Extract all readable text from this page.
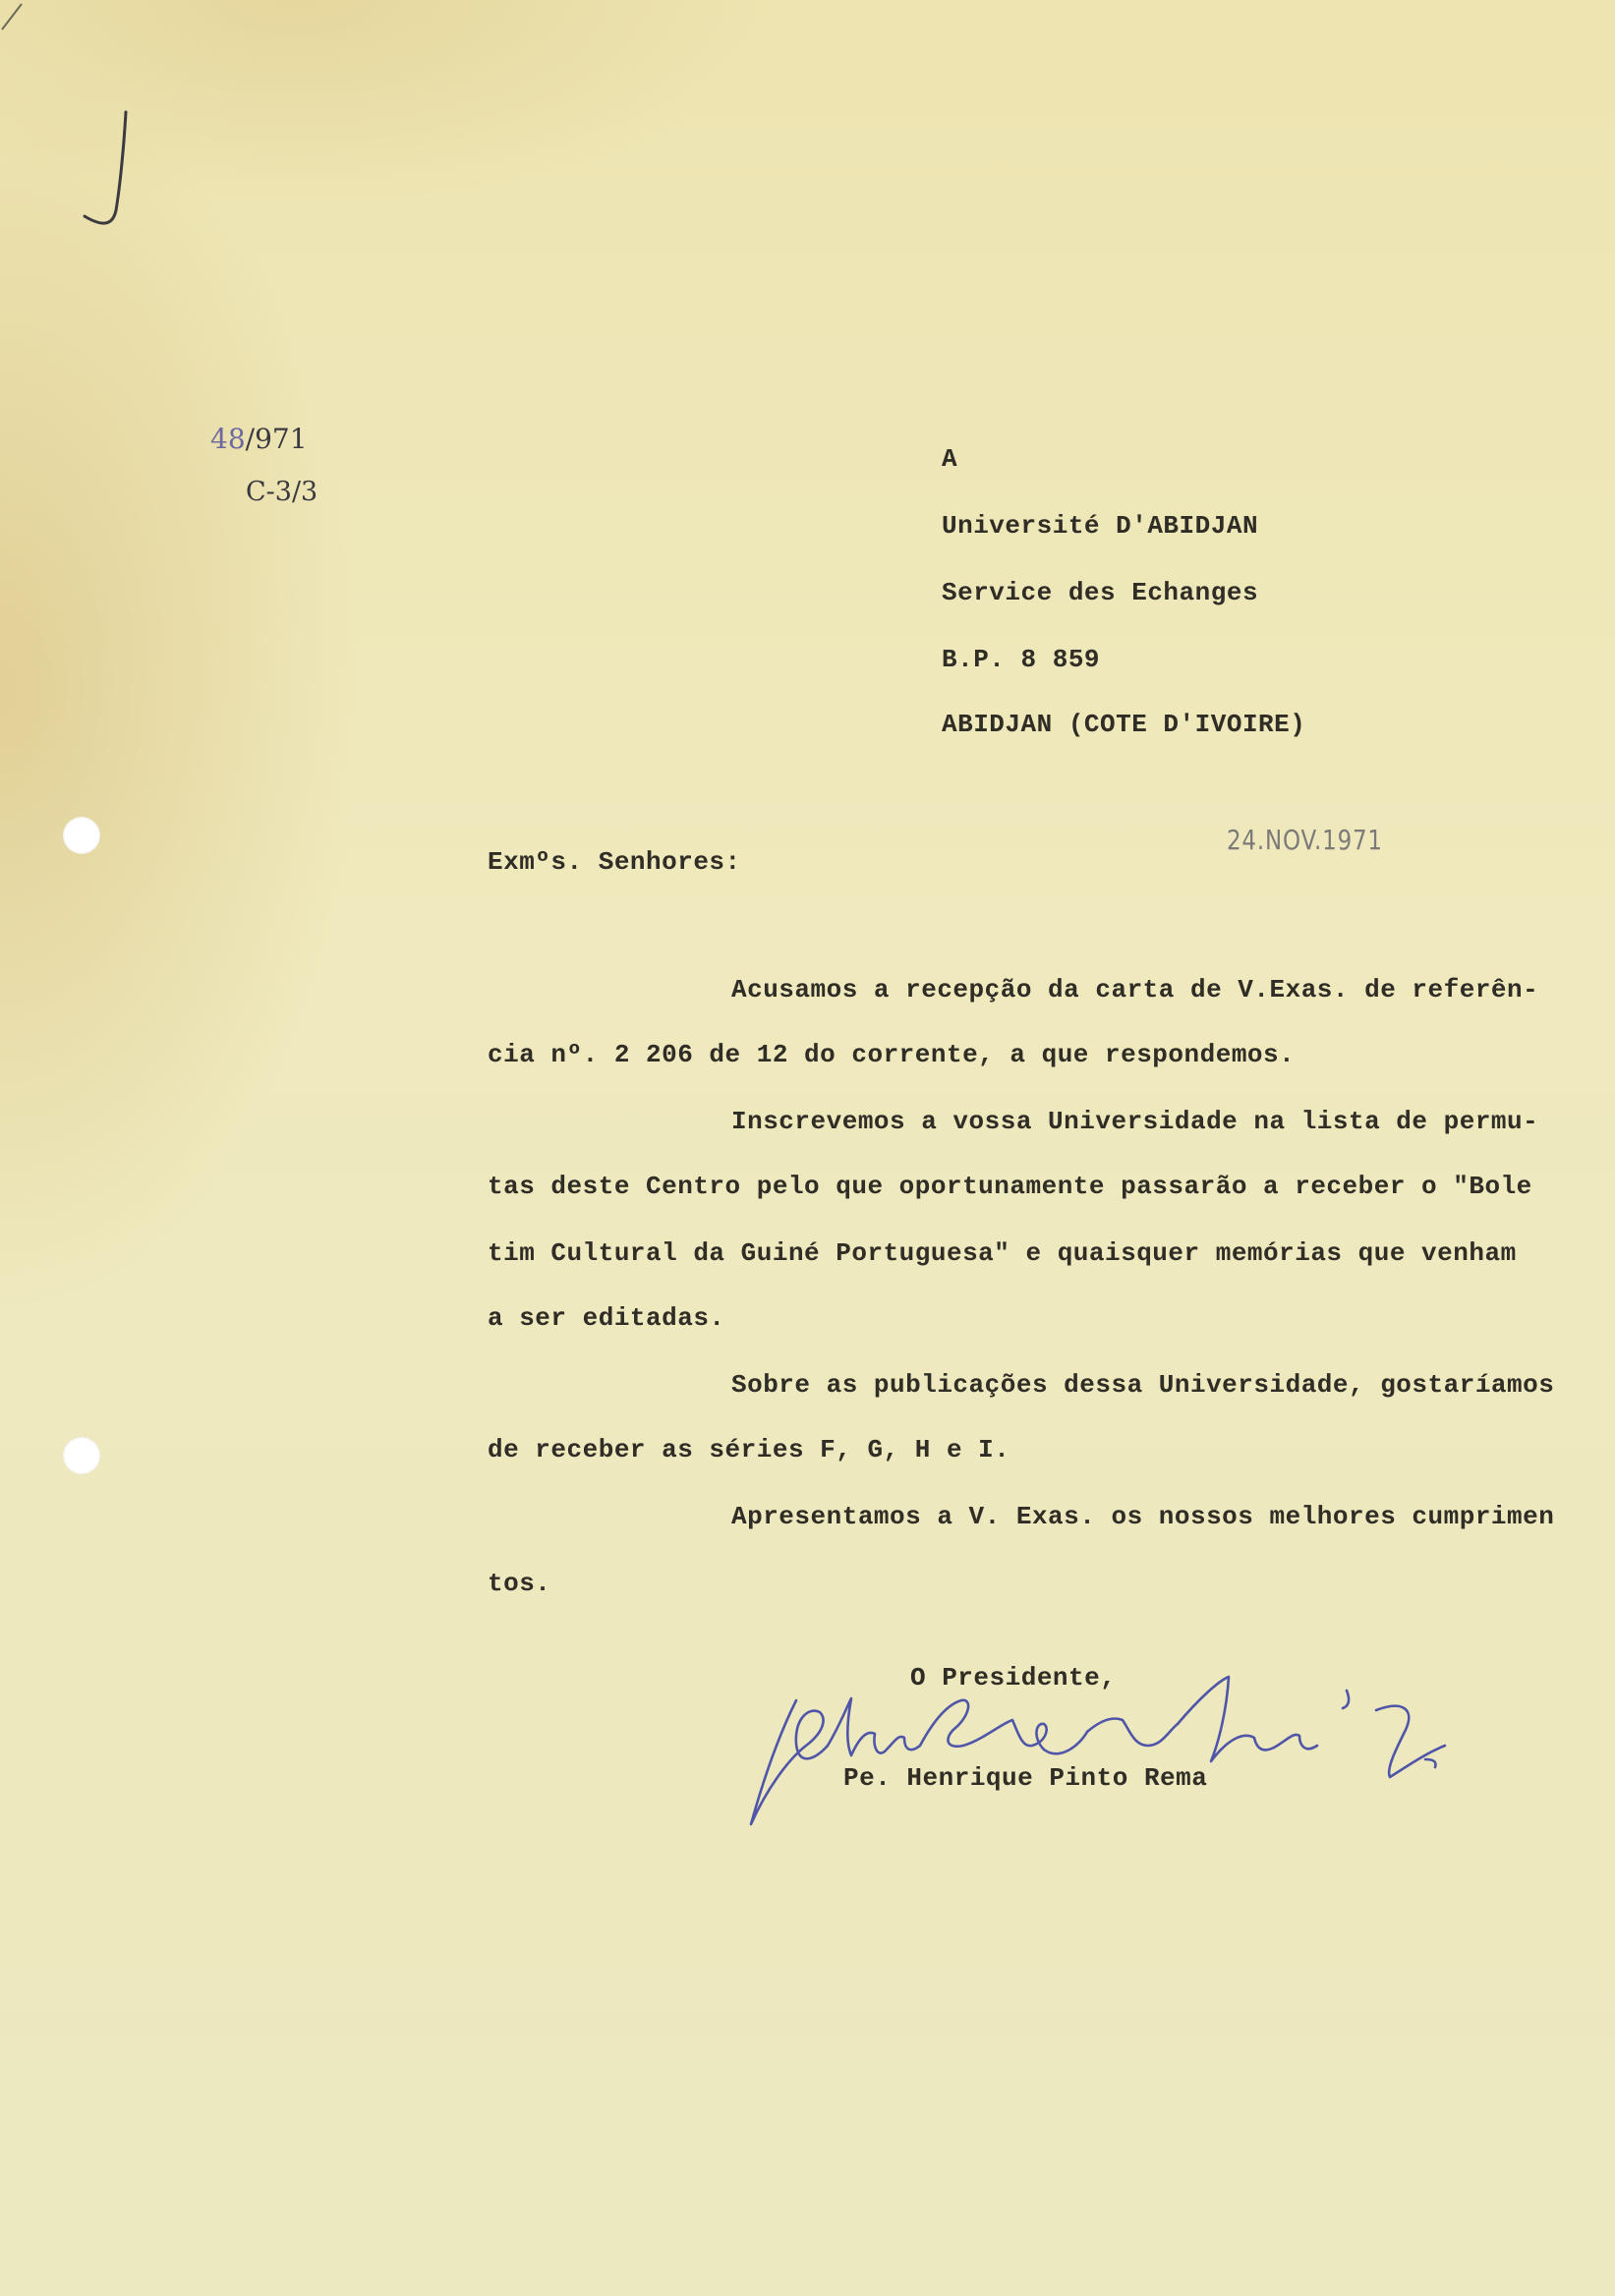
48/971
C-3/3
A
Université D'ABIDJAN
Service des Echanges
B.P. 8 859
ABIDJAN (COTE D'IVOIRE)
24.NOV.1971
Exmºs. Senhores:
Acusamos a recepção da carta de V.Exas. de referên-
cia nº. 2 206 de 12 do corrente, a que respondemos.
Inscrevemos a vossa Universidade na lista de permu-
tas deste Centro pelo que oportunamente passarão a receber o "Bole
tim Cultural da Guiné Portuguesa" e quaisquer memórias que venham
a ser editadas.
Sobre as publicações dessa Universidade, gostaríamos
de receber as séries F, G, H e I.
Apresentamos a V. Exas. os nossos melhores cumprimen
tos.
O Presidente,
Pe. Henrique Pinto Rema
